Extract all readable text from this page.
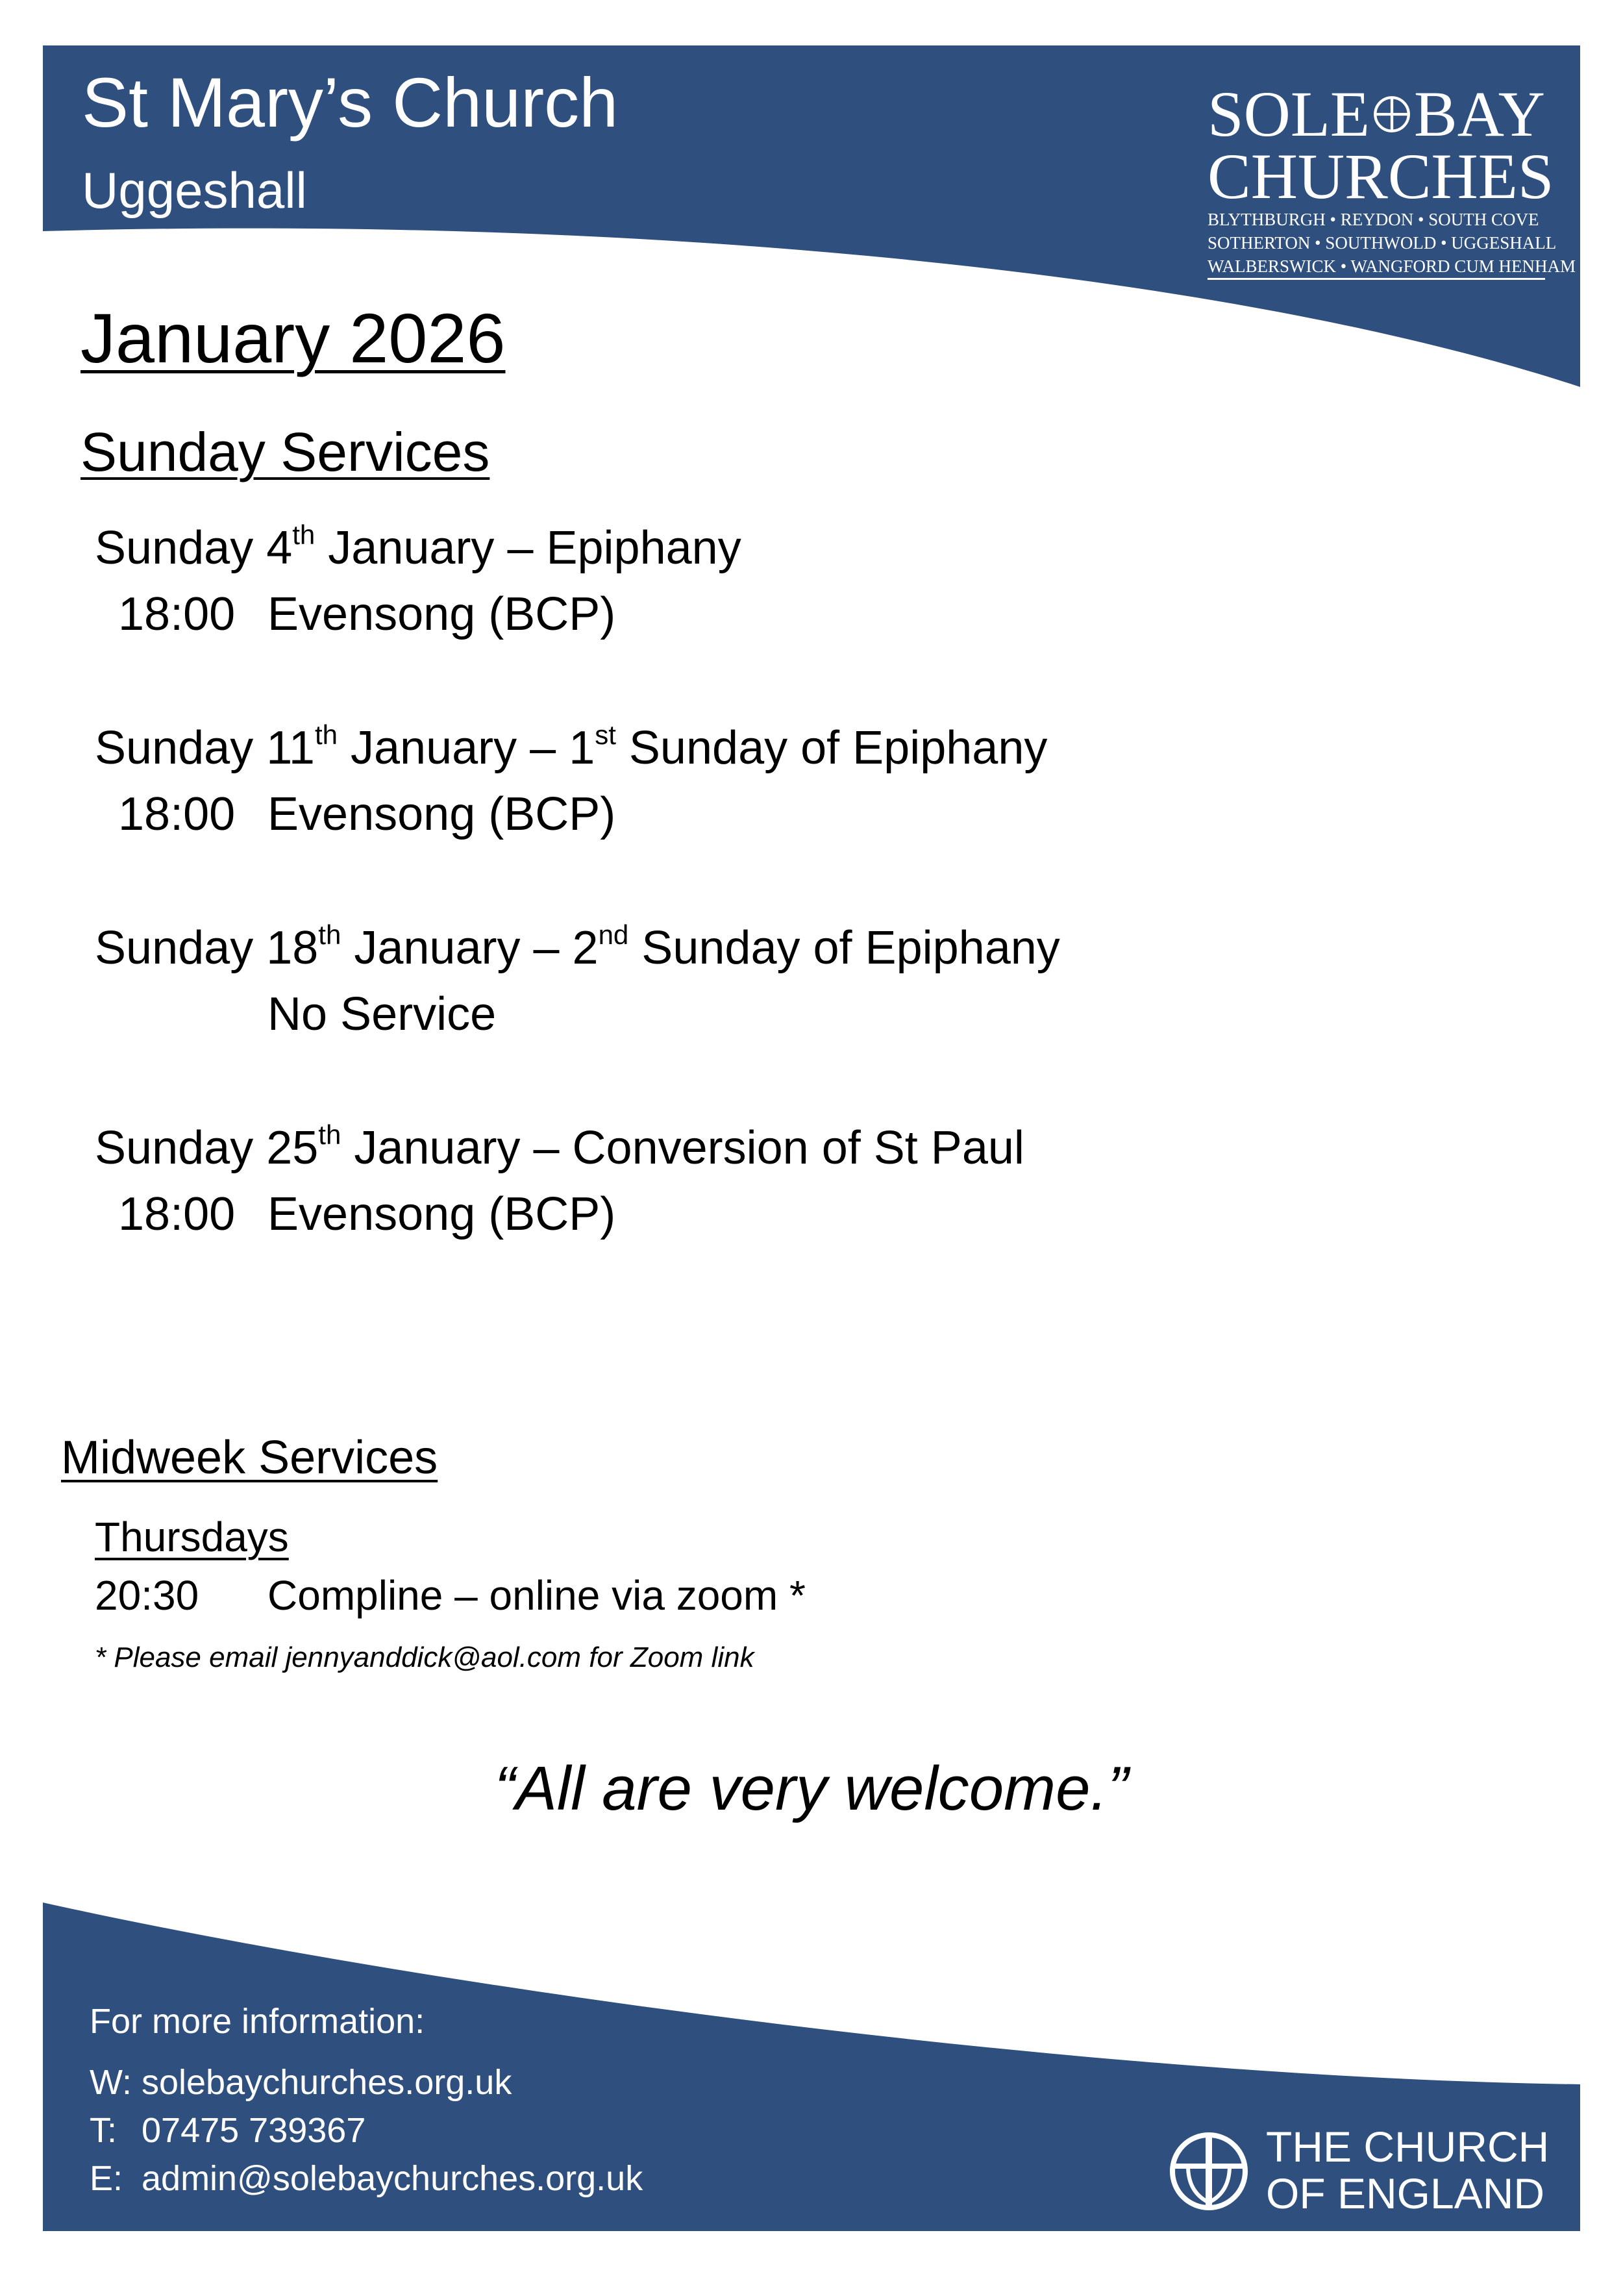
St Mary’s Church
Uggeshall
SOLE BAY
CHURCHES
BLYTHBURGH • REYDON • SOUTH COVE
SOTHERTON • SOUTHWOLD • UGGESHALL
WALBERSWICK • WANGFORD CUM HENHAM
January 2026
Sunday Services
Sunday 4th January – Epiphany
18:00 Evensong (BCP)
Sunday 11th January – 1st Sunday of Epiphany
18:00 Evensong (BCP)
Sunday 18th January – 2nd Sunday of Epiphany
No Service
Sunday 25th January – Conversion of St Paul
18:00 Evensong (BCP)
Midweek Services
Thursdays
20:30 Compline – online via zoom *
* Please email jennyanddick@aol.com for Zoom link
“All are very welcome.”
For more information:
W: solebaychurches.org.uk
T: 07475 739367
E: admin@solebaychurches.org.uk
THE CHURCH
OF ENGLAND
